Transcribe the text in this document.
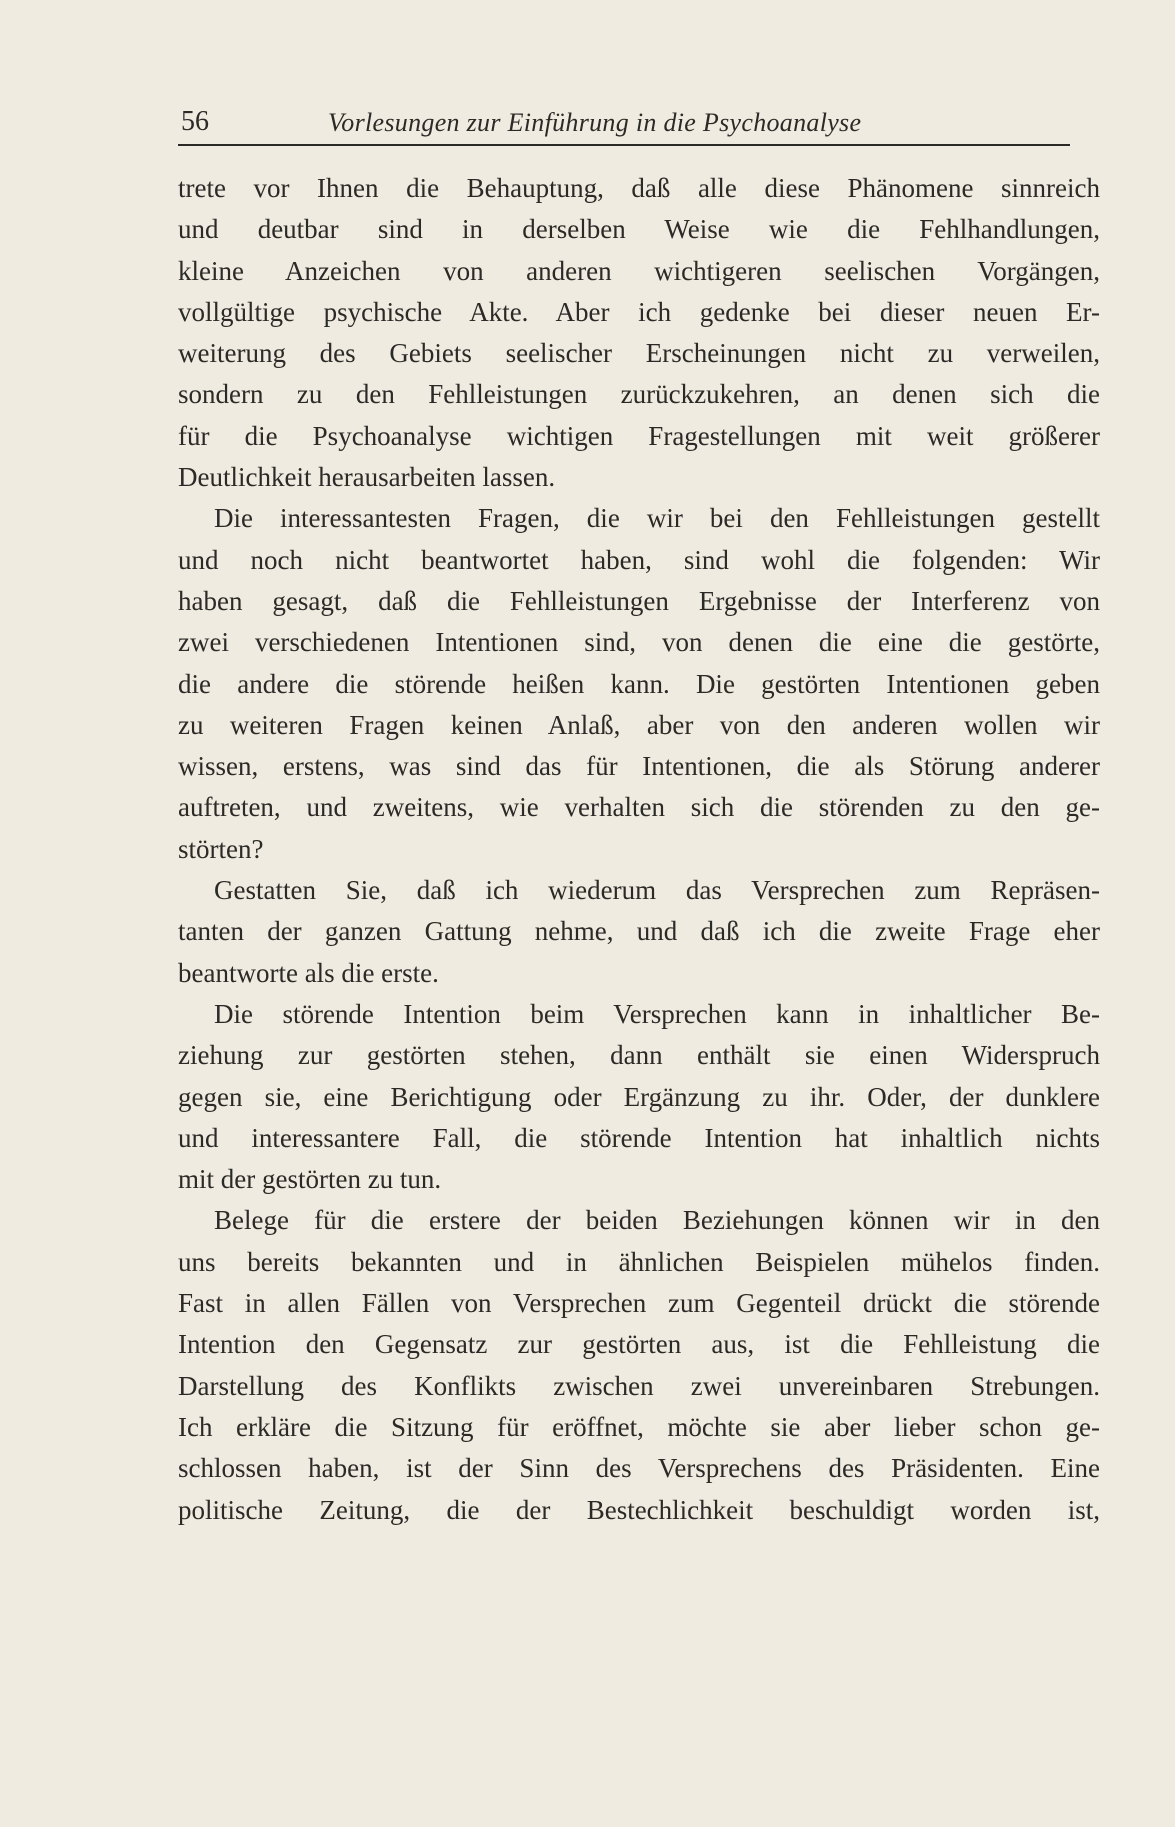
56	Vorlesungen zur Einführung in die Psychoanalyse
trete vor Ihnen die Behauptung, daß alle diese Phänomene sinnreich
und deutbar sind in derselben Weise wie die Fehlhandlungen,
kleine Anzeichen von anderen wichtigeren seelischen Vorgängen,
vollgültige psychische Akte. Aber ich gedenke bei dieser neuen Er-
weiterung des Gebiets seelischer Erscheinungen nicht zu verweilen,
sondern zu den Fehlleistungen zurückzukehren, an denen sich die
für die Psychoanalyse wichtigen Fragestellungen mit weit größerer
Deutlichkeit herausarbeiten lassen.
Die interessantesten Fragen, die wir bei den Fehlleistungen gestellt
und noch nicht beantwortet haben, sind wohl die folgenden: Wir
haben gesagt, daß die Fehlleistungen Ergebnisse der Interferenz von
zwei verschiedenen Intentionen sind, von denen die eine die gestörte,
die andere die störende heißen kann. Die gestörten Intentionen geben
zu weiteren Fragen keinen Anlaß, aber von den anderen wollen wir
wissen, erstens, was sind das für Intentionen, die als Störung anderer
auftreten, und zweitens, wie verhalten sich die störenden zu den ge-
störten?
Gestatten Sie, daß ich wiederum das Versprechen zum Repräsen-
tanten der ganzen Gattung nehme, und daß ich die zweite Frage eher
beantworte als die erste.
Die störende Intention beim Versprechen kann in inhaltlicher Be-
ziehung zur gestörten stehen, dann enthält sie einen Widerspruch
gegen sie, eine Berichtigung oder Ergänzung zu ihr. Oder, der dunklere
und interessantere Fall, die störende Intention hat inhaltlich nichts
mit der gestörten zu tun.
Belege für die erstere der beiden Beziehungen können wir in den
uns bereits bekannten und in ähnlichen Beispielen mühelos finden.
Fast in allen Fällen von Versprechen zum Gegenteil drückt die störende
Intention den Gegensatz zur gestörten aus, ist die Fehlleistung die
Darstellung des Konflikts zwischen zwei unvereinbaren Strebungen.
Ich erkläre die Sitzung für eröffnet, möchte sie aber lieber schon ge-
schlossen haben, ist der Sinn des Versprechens des Präsidenten. Eine
politische Zeitung, die der Bestechlichkeit beschuldigt worden ist,
